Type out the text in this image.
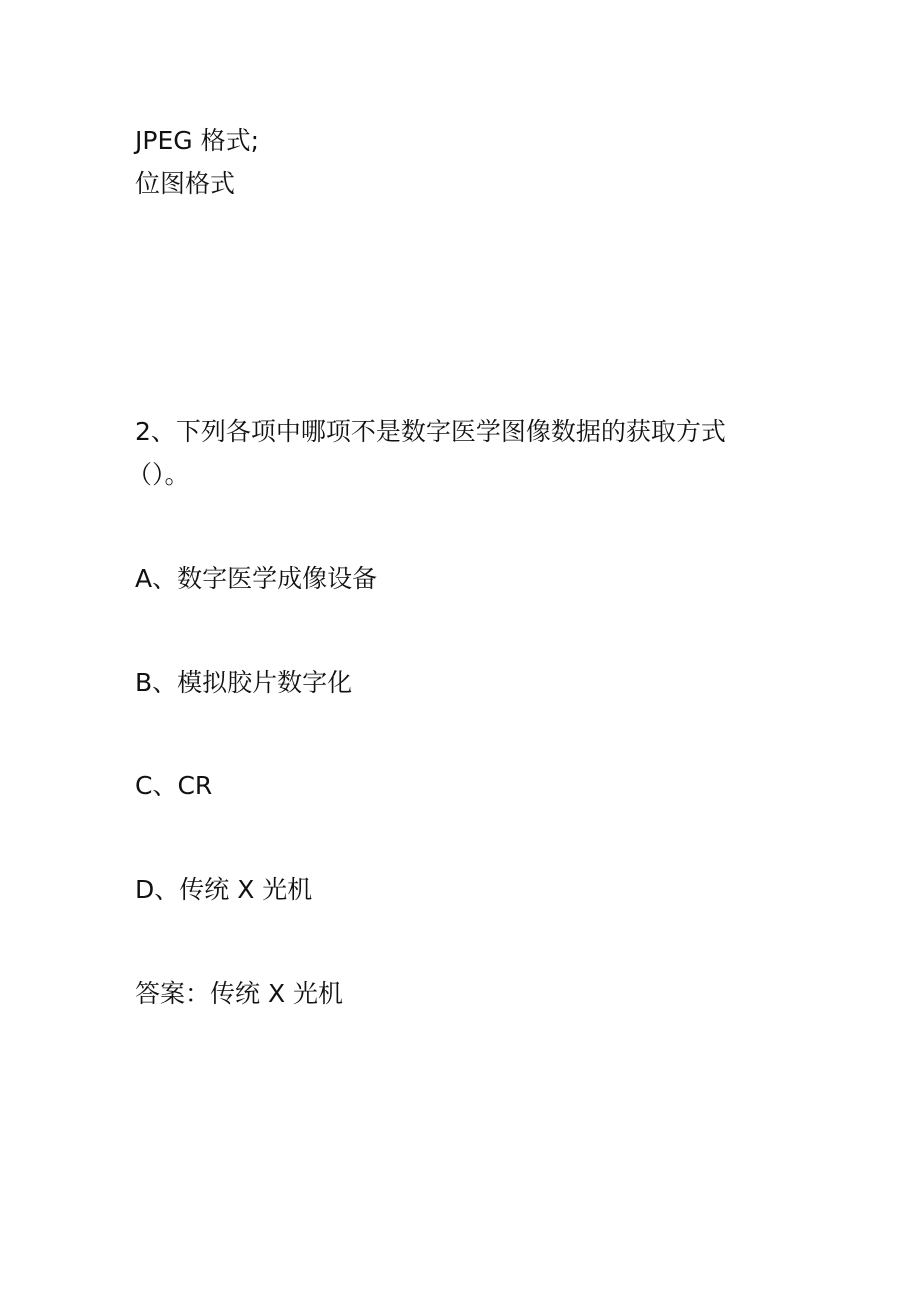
JPEG 格式;
位图格式
2、下列各项中哪项不是数字医学图像数据的获取方式
（）。
A、数字医学成像设备
B、模拟胶片数字化
C、CR
D、传统 X 光机
答案：传统 X 光机
